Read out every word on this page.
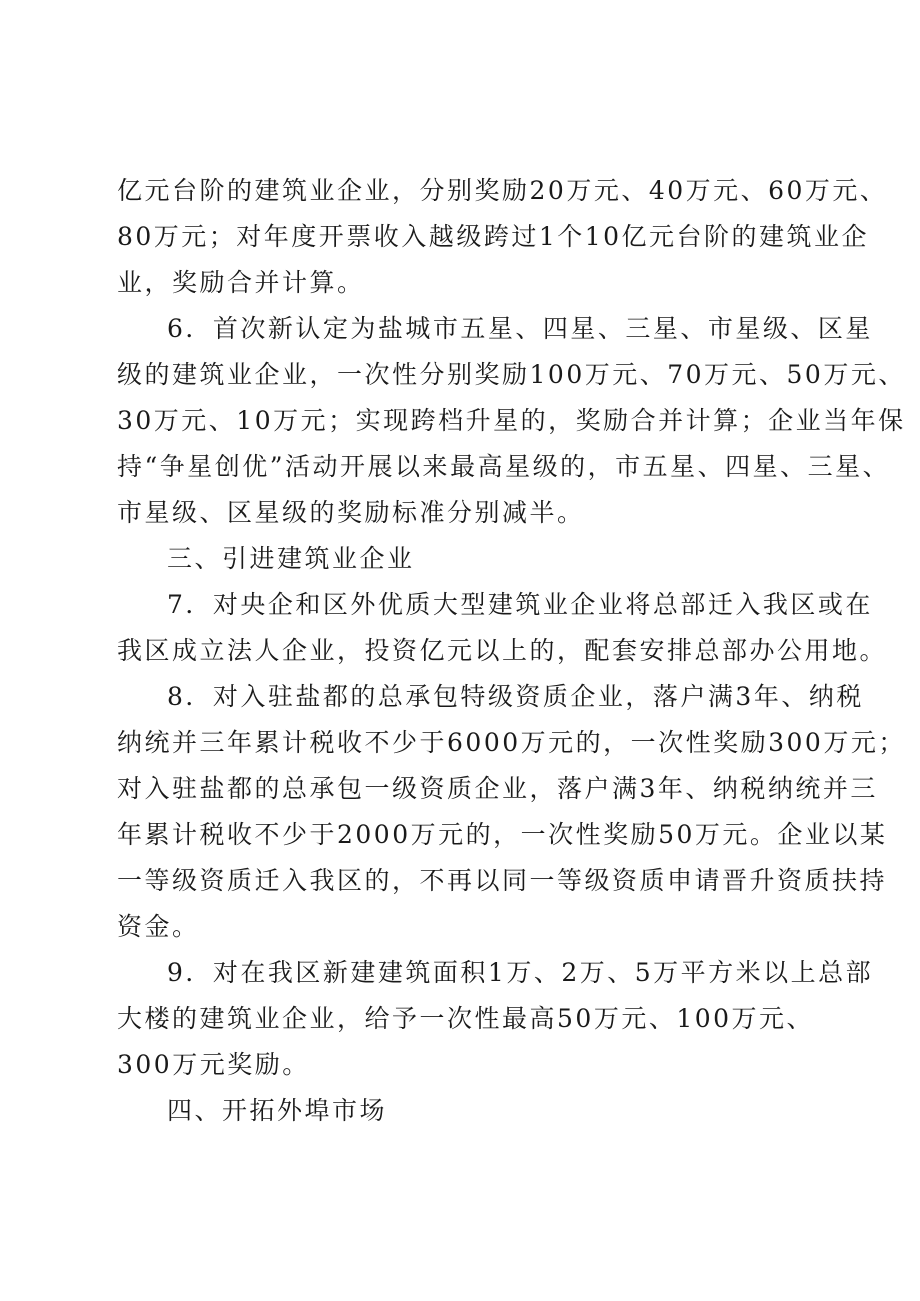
亿元台阶的建筑业企业，分别奖励20万元、40万元、60万元、
80万元；对年度开票收入越级跨过1个10亿元台阶的建筑业企
业，奖励合并计算。
6．首次新认定为盐城市五星、四星、三星、市星级、区星
级的建筑业企业，一次性分别奖励100万元、70万元、50万元、
30万元、10万元；实现跨档升星的，奖励合并计算；企业当年保
持“争星创优”活动开展以来最高星级的，市五星、四星、三星、
市星级、区星级的奖励标准分别减半。
三、引进建筑业企业
7．对央企和区外优质大型建筑业企业将总部迁入我区或在
我区成立法人企业，投资亿元以上的，配套安排总部办公用地。
8．对入驻盐都的总承包特级资质企业，落户满3年、纳税
纳统并三年累计税收不少于6000万元的，一次性奖励300万元；
对入驻盐都的总承包一级资质企业，落户满3年、纳税纳统并三
年累计税收不少于2000万元的，一次性奖励50万元。企业以某
一等级资质迁入我区的，不再以同一等级资质申请晋升资质扶持
资金。
9．对在我区新建建筑面积1万、2万、5万平方米以上总部
大楼的建筑业企业，给予一次性最高50万元、100万元、
300万元奖励。
四、开拓外埠市场
